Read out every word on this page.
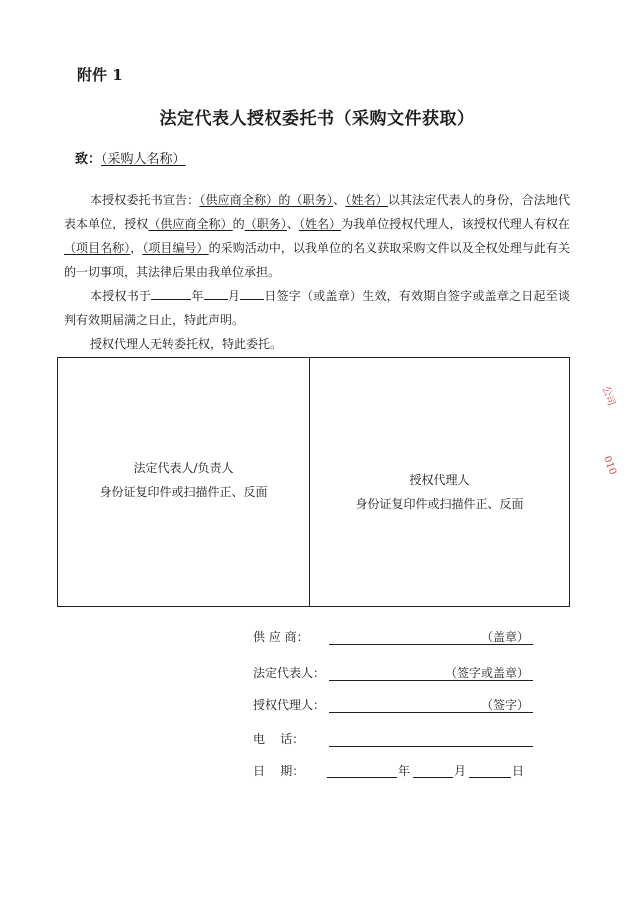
附件 1
法定代表人授权委托书（采购文件获取）
致：（采购人名称）
本授权委托书宣告：（供应商全称）的（职务）、（姓名）以其法定代表人的身份，合法地代表本单位，授权（供应商全称）的（职务）、（姓名）为我单位授权代理人，该授权代理人有权在（项目名称），（项目编号）的采购活动中，以我单位的名义获取采购文件以及全权处理与此有关的一切事项，其法律后果由我单位承担。
本授权书于	年 月 日签字（或盖章）生效，有效期自签字或盖章之日起至谈判有效期届满之日止，特此声明。
授权代理人无转委托权，特此委托。
法定代表人/负责人
身份证复印件或扫描件正、反面
授权代理人
身份证复印件或扫描件正、反面
供 应 商：	（盖章）
法定代表人：	（签字或盖章）
授权代理人：	（签字）
电    话：
日    期：	年	月	日
公司
010
